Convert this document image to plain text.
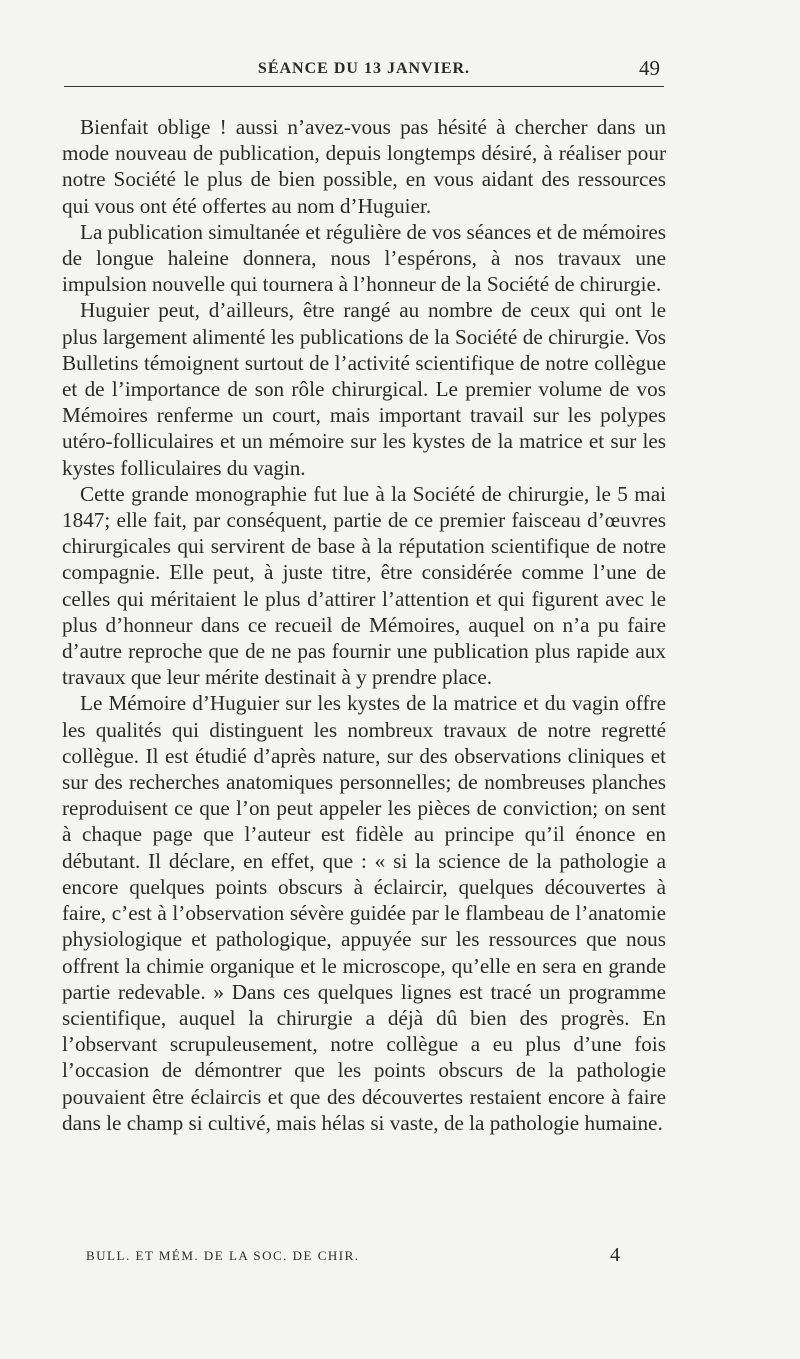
SÉANCE DU 13 JANVIER.	49

Bienfait oblige ! aussi n’avez-vous pas hésité à chercher dans un mode nouveau de publication, depuis longtemps désiré, à réaliser pour notre Société le plus de bien possible, en vous aidant des ressources qui vous ont été offertes au nom d’Huguier.

La publication simultanée et régulière de vos séances et de mémoires de longue haleine donnera, nous l’espérons, à nos travaux une impulsion nouvelle qui tournera à l’honneur de la Société de chirurgie.

Huguier peut, d’ailleurs, être rangé au nombre de ceux qui ont le plus largement alimenté les publications de la Société de chirurgie. Vos Bulletins témoignent surtout de l’activité scientifique de notre collègue et de l’importance de son rôle chirurgical. Le premier volume de vos Mémoires renferme un court, mais important travail sur les polypes utéro-folliculaires et un mémoire sur les kystes de la matrice et sur les kystes folliculaires du vagin.

Cette grande monographie fut lue à la Société de chirurgie, le 5 mai 1847; elle fait, par conséquent, partie de ce premier faisceau d’œuvres chirurgicales qui servirent de base à la réputation scientifique de notre compagnie. Elle peut, à juste titre, être considérée comme l’une de celles qui méritaient le plus d’attirer l’attention et qui figurent avec le plus d’honneur dans ce recueil de Mémoires, auquel on n’a pu faire d’autre reproche que de ne pas fournir une publication plus rapide aux travaux que leur mérite destinait à y prendre place.

Le Mémoire d’Huguier sur les kystes de la matrice et du vagin offre les qualités qui distinguent les nombreux travaux de notre regretté collègue. Il est étudié d’après nature, sur des observations cliniques et sur des recherches anatomiques personnelles; de nombreuses planches reproduisent ce que l’on peut appeler les pièces de conviction; on sent à chaque page que l’auteur est fidèle au principe qu’il énonce en débutant. Il déclare, en effet, que : « si la science de la pathologie a encore quelques points obscurs à éclaircir, quelques découvertes à faire, c’est à l’observation sévère guidée par le flambeau de l’anatomie physiologique et pathologique, appuyée sur les ressources que nous offrent la chimie organique et le microscope, qu’elle en sera en grande partie redevable. » Dans ces quelques lignes est tracé un programme scientifique, auquel la chirurgie a déjà dû bien des progrès. En l’observant scrupuleusement, notre collègue a eu plus d’une fois l’occasion de démontrer que les points obscurs de la pathologie pouvaient être éclaircis et que des découvertes restaient encore à faire dans le champ si cultivé, mais hélas si vaste, de la pathologie humaine.

BULL. ET MÉM. DE LA SOC. DE CHIR.	4
